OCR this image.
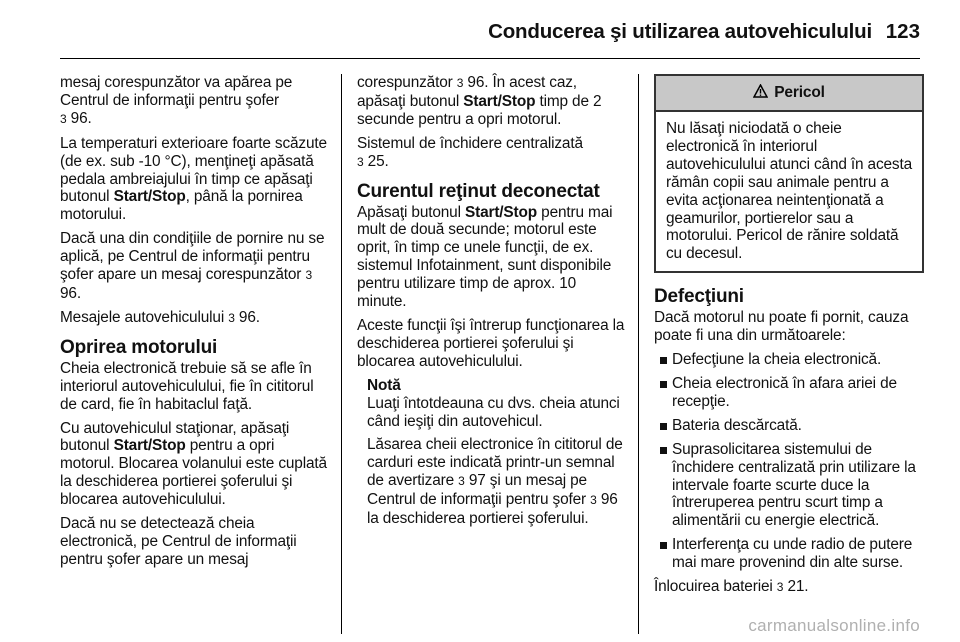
Conducerea şi utilizarea autovehiculului 123

mesaj corespunzător va apărea pe Centrul de informaţii pentru şofer
3 96.

La temperaturi exterioare foarte scăzute (de ex. sub -10 °C), menţineţi apăsată pedala ambreiajului în timp ce apăsaţi butonul Start/Stop, până la pornirea motorului.

Dacă una din condiţiile de pornire nu se aplică, pe Centrul de informaţii pentru şofer apare un mesaj corespunzător 3 96.

Mesajele autovehiculului 3 96.

Oprirea motorului

Cheia electronică trebuie să se afle în interiorul autovehiculului, fie în cititorul de card, fie în habitaclul faţă.

Cu autovehiculul staţionar, apăsaţi butonul Start/Stop pentru a opri motorul. Blocarea volanului este cuplată la deschiderea portierei şoferului şi blocarea autovehiculului.

Dacă nu se detectează cheia electronică, pe Centrul de informaţii pentru şofer apare un mesaj

corespunzător 3 96. În acest caz, apăsaţi butonul Start/Stop timp de 2 secunde pentru a opri motorul.

Sistemul de închidere centralizată
3 25.

Curentul reţinut deconectat

Apăsaţi butonul Start/Stop pentru mai mult de două secunde; motorul este oprit, în timp ce unele funcţii, de ex. sistemul Infotainment, sunt disponibile pentru utilizare timp de aprox. 10 minute.

Aceste funcţii îşi întrerup funcţionarea la deschiderea portierei şoferului şi blocarea autovehiculului.

Notă

Luaţi întotdeauna cu dvs. cheia atunci când ieşiţi din autovehicul.

Lăsarea cheii electronice în cititorul de carduri este indicată printr-un semnal de avertizare 3 97 şi un mesaj pe Centrul de informaţii pentru şofer 3 96 la deschiderea portierei şoferului.

Pericol
Nu lăsaţi niciodată o cheie electronică în interiorul autovehiculului atunci când în acesta rămân copii sau animale pentru a evita acţionarea neintenţionată a geamurilor, portierelor sau a motorului. Pericol de rănire soldată cu decesul.
Defecţiuni

Dacă motorul nu poate fi pornit, cauza poate fi una din următoarele:

Defecţiune la cheia electronică.
Cheia electronică în afara ariei de recepţie.
Bateria descărcată.
Suprasolicitarea sistemului de închidere centralizată prin utilizare la intervale foarte scurte duce la întreruperea pentru scurt timp a alimentării cu energie electrică.
Interferenţa cu unde radio de putere mai mare provenind din alte surse.

Înlocuirea bateriei 3 21.

carmanualsonline.info
